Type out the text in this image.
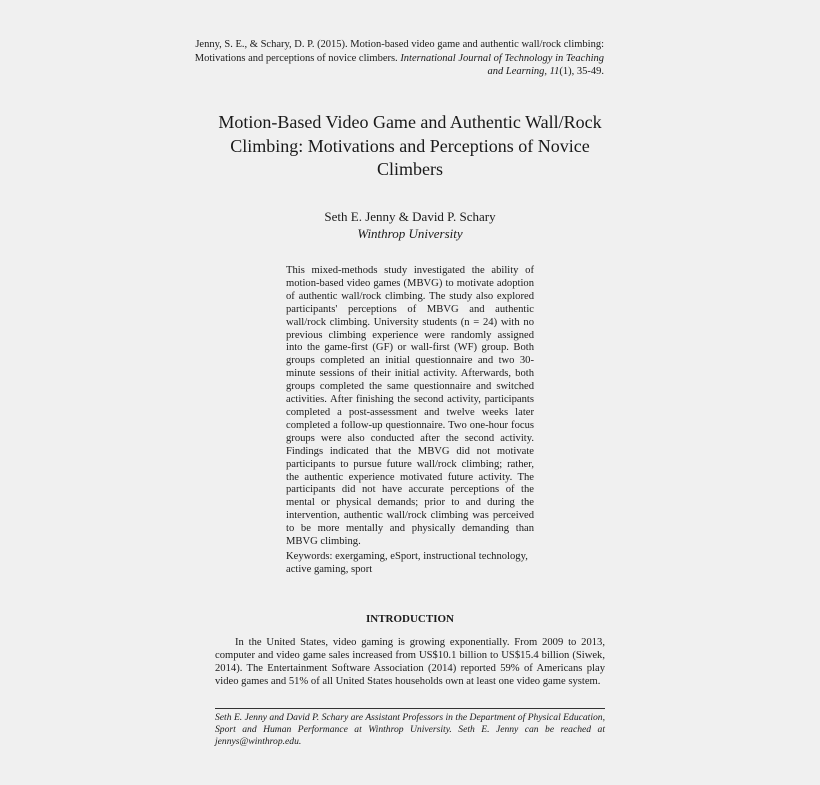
Jenny, S. E., & Schary, D. P. (2015). Motion-based video game and authentic wall/rock climbing: Motivations and perceptions of novice climbers. International Journal of Technology in Teaching and Learning, 11(1), 35-49.
Motion-Based Video Game and Authentic Wall/Rock Climbing: Motivations and Perceptions of Novice Climbers
Seth E. Jenny & David P. Schary
Winthrop University
This mixed-methods study investigated the ability of motion-based video games (MBVG) to motivate adoption of authentic wall/rock climbing. The study also explored participants' perceptions of MBVG and authentic wall/rock climbing. University students (n = 24) with no previous climbing experience were randomly assigned into the game-first (GF) or wall-first (WF) group. Both groups completed an initial questionnaire and two 30-minute sessions of their initial activity. Afterwards, both groups completed the same questionnaire and switched activities. After finishing the second activity, participants completed a post-assessment and twelve weeks later completed a follow-up questionnaire. Two one-hour focus groups were also conducted after the second activity. Findings indicated that the MBVG did not motivate participants to pursue future wall/rock climbing; rather, the authentic experience motivated future activity. The participants did not have accurate perceptions of the mental or physical demands; prior to and during the intervention, authentic wall/rock climbing was perceived to be more mentally and physically demanding than MBVG climbing.
Keywords: exergaming, eSport, instructional technology, active gaming, sport
INTRODUCTION
In the United States, video gaming is growing exponentially. From 2009 to 2013, computer and video game sales increased from US$10.1 billion to US$15.4 billion (Siwek, 2014). The Entertainment Software Association (2014) reported 59% of Americans play video games and 51% of all United States households own at least one video game system.
Seth E. Jenny and David P. Schary are Assistant Professors in the Department of Physical Education, Sport and Human Performance at Winthrop University. Seth E. Jenny can be reached at jennys@winthrop.edu.
